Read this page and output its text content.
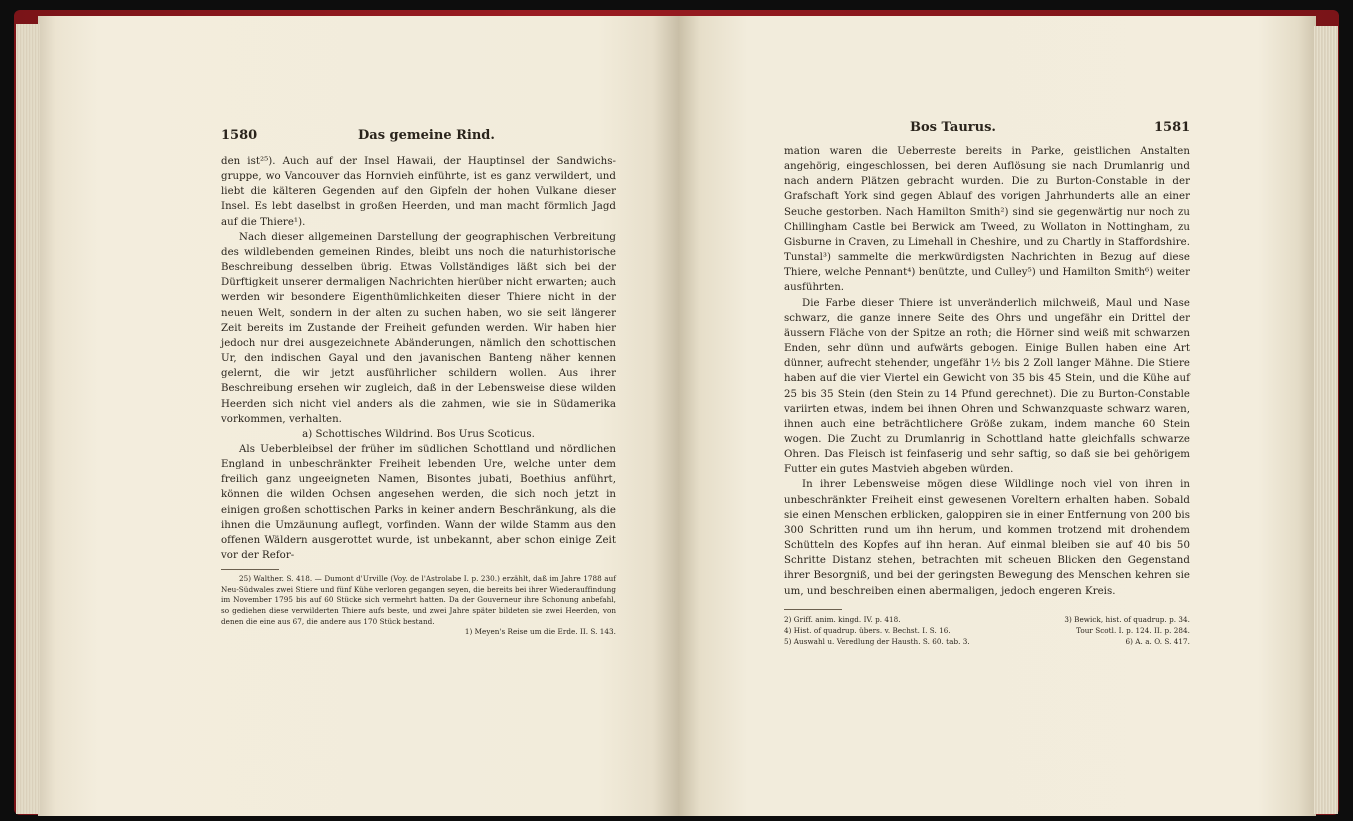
1580	Das gemeine Rind.

den ist²⁵). Auch auf der Insel Hawaii, der Hauptinsel der Sandwichs-gruppe, wo Vancouver das Hornvieh einführte, ist es ganz verwildert, und liebt die kälteren Gegenden auf den Gipfeln der hohen Vulkane dieser Insel. Es lebt daselbst in großen Heerden, und man macht förmlich Jagd auf die Thiere¹).

Nach dieser allgemeinen Darstellung der geographischen Verbreitung des wildlebenden gemeinen Rindes, bleibt uns noch die naturhistorische Beschreibung desselben übrig. Etwas Vollständiges läßt sich bei der Dürftigkeit unserer dermaligen Nachrichten hierüber nicht erwarten; auch werden wir besondere Eigenthümlichkeiten dieser Thiere nicht in der neuen Welt, sondern in der alten zu suchen haben, wo sie seit längerer Zeit bereits im Zustande der Freiheit gefunden werden. Wir haben hier jedoch nur drei ausgezeichnete Abänderungen, nämlich den schottischen Ur, den indischen Gayal und den javanischen Banteng näher kennen gelernt, die wir jetzt ausführlicher schildern wollen. Aus ihrer Beschreibung ersehen wir zugleich, daß in der Lebensweise diese wilden Heerden sich nicht viel anders als die zahmen, wie sie in Südamerika vorkommen, verhalten.

a) Schottisches Wildrind. Bos Urus Scoticus.

Als Ueberbleibsel der früher im südlichen Schottland und nördlichen England in unbeschränkter Freiheit lebenden Ure, welche unter dem freilich ganz ungeeigneten Namen, Bisontes jubati, Boethius anführt, können die wilden Ochsen angesehen werden, die sich noch jetzt in einigen großen schottischen Parks in keiner andern Beschränkung, als die ihnen die Umzäunung auflegt, vorfinden. Wann der wilde Stamm aus den offenen Wäldern ausgerottet wurde, ist unbekannt, aber schon einige Zeit vor der Refor-

25) Walther. S. 418. — Dumont d'Urville (Voy. de l'Astrolabe I. p. 230.) erzählt, daß im Jahre 1788 auf Neu-Südwales zwei Stiere und fünf Kühe verloren gegangen seyen, die bereits bei ihrer Wiederauffindung im November 1795 bis auf 60 Stücke sich vermehrt hatten. Da der Gouverneur ihre Schonung anbefahl, so gediehen diese verwilderten Thiere aufs beste, und zwei Jahre später bildeten sie zwei Heerden, von denen die eine aus 67, die andere aus 170 Stück bestand.

1) Meyen's Reise um die Erde. II. S. 143.

Bos Taurus.	1581

mation waren die Ueberreste bereits in Parke, geistlichen Anstalten angehörig, eingeschlossen, bei deren Auflösung sie nach Drumlanrig und nach andern Plätzen gebracht wurden. Die zu Burton-Constable in der Grafschaft York sind gegen Ablauf des vorigen Jahrhunderts alle an einer Seuche gestorben. Nach Hamilton Smith²) sind sie gegenwärtig nur noch zu Chillingham Castle bei Berwick am Tweed, zu Wollaton in Nottingham, zu Gisburne in Craven, zu Limehall in Cheshire, und zu Chartly in Staffordshire. Tunstal³) sammelte die merkwürdigsten Nachrichten in Bezug auf diese Thiere, welche Pennant⁴) benützte, und Culley⁵) und Hamilton Smith⁶) weiter ausführten.

Die Farbe dieser Thiere ist unveränderlich milchweiß, Maul und Nase schwarz, die ganze innere Seite des Ohrs und ungefähr ein Drittel der äussern Fläche von der Spitze an roth; die Hörner sind weiß mit schwarzen Enden, sehr dünn und aufwärts gebogen. Einige Bullen haben eine Art dünner, aufrecht stehender, ungefähr 1½ bis 2 Zoll langer Mähne. Die Stiere haben auf die vier Viertel ein Gewicht von 35 bis 45 Stein, und die Kühe auf 25 bis 35 Stein (den Stein zu 14 Pfund gerechnet). Die zu Burton-Constable variirten etwas, indem bei ihnen Ohren und Schwanzquaste schwarz waren, ihnen auch eine beträchtlichere Größe zukam, indem manche 60 Stein wogen. Die Zucht zu Drumlanrig in Schottland hatte gleichfalls schwarze Ohren. Das Fleisch ist feinfaserig und sehr saftig, so daß sie bei gehörigem Futter ein gutes Mastvieh abgeben würden.

In ihrer Lebensweise mögen diese Wildlinge noch viel von ihren in unbeschränkter Freiheit einst gewesenen Voreltern erhalten haben. Sobald sie einen Menschen erblicken, galoppiren sie in einer Entfernung von 200 bis 300 Schritten rund um ihn herum, und kommen trotzend mit drohendem Schütteln des Kopfes auf ihn heran. Auf einmal bleiben sie auf 40 bis 50 Schritte Distanz stehen, betrachten mit scheuen Blicken den Gegenstand ihrer Besorgniß, und bei der geringsten Bewegung des Menschen kehren sie um, und beschreiben einen abermaligen, jedoch engeren Kreis.

2) Griff. anim. kingd. IV. p. 418.	3) Bewick, hist. of quadrup. p. 34.
4) Hist. of quadrup. übers. v. Bechst. I. S. 16.	Tour Scotl. I. p. 124. II. p. 284.
5) Auswahl u. Veredlung der Hausth. S. 60. tab. 3.	6) A. a. O. S. 417.
